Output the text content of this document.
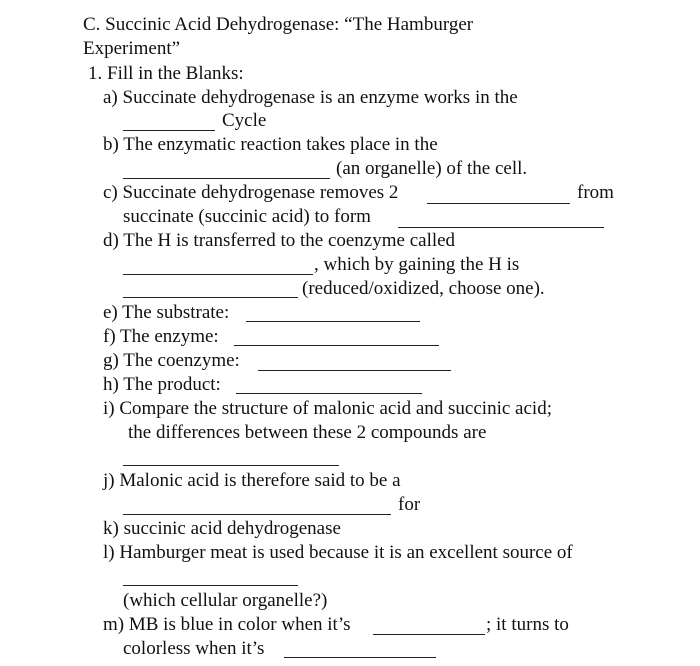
C. Succinic Acid Dehydrogenase: “The Hamburger
Experiment”
1. Fill in the Blanks:
a) Succinate dehydrogenase is an enzyme works in the
Cycle
b) The enzymatic reaction takes place in the
(an organelle) of the cell.
c) Succinate dehydrogenase removes 2	from
succinate (succinic acid) to form
d) The H is transferred to the coenzyme called
, which by gaining the H is
(reduced/oxidized, choose one).
e) The substrate:
f) The enzyme:
g) The coenzyme:
h) The product:
i) Compare the structure of malonic acid and succinic acid;
the differences between these 2 compounds are
j) Malonic acid is therefore said to be a
for
k) succinic acid dehydrogenase
l) Hamburger meat is used because it is an excellent source of
(which cellular organelle?)
m) MB is blue in color when it’s	; it turns to
colorless when it’s
